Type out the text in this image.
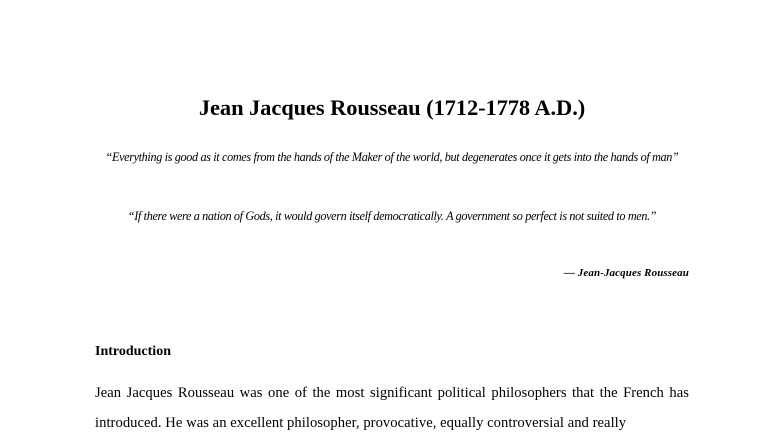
Jean Jacques Rousseau (1712-1778 A.D.)

“Everything is good as it comes from the hands of the Maker of the world, but degenerates once it gets into the hands of man”

“If there were a nation of Gods, it would govern itself democratically. A government so perfect is not suited to men.”

— Jean-Jacques Rousseau

Introduction

Jean Jacques Rousseau was one of the most significant political philosophers that the French has introduced. He was an excellent philosopher, provocative, equally controversial and really
